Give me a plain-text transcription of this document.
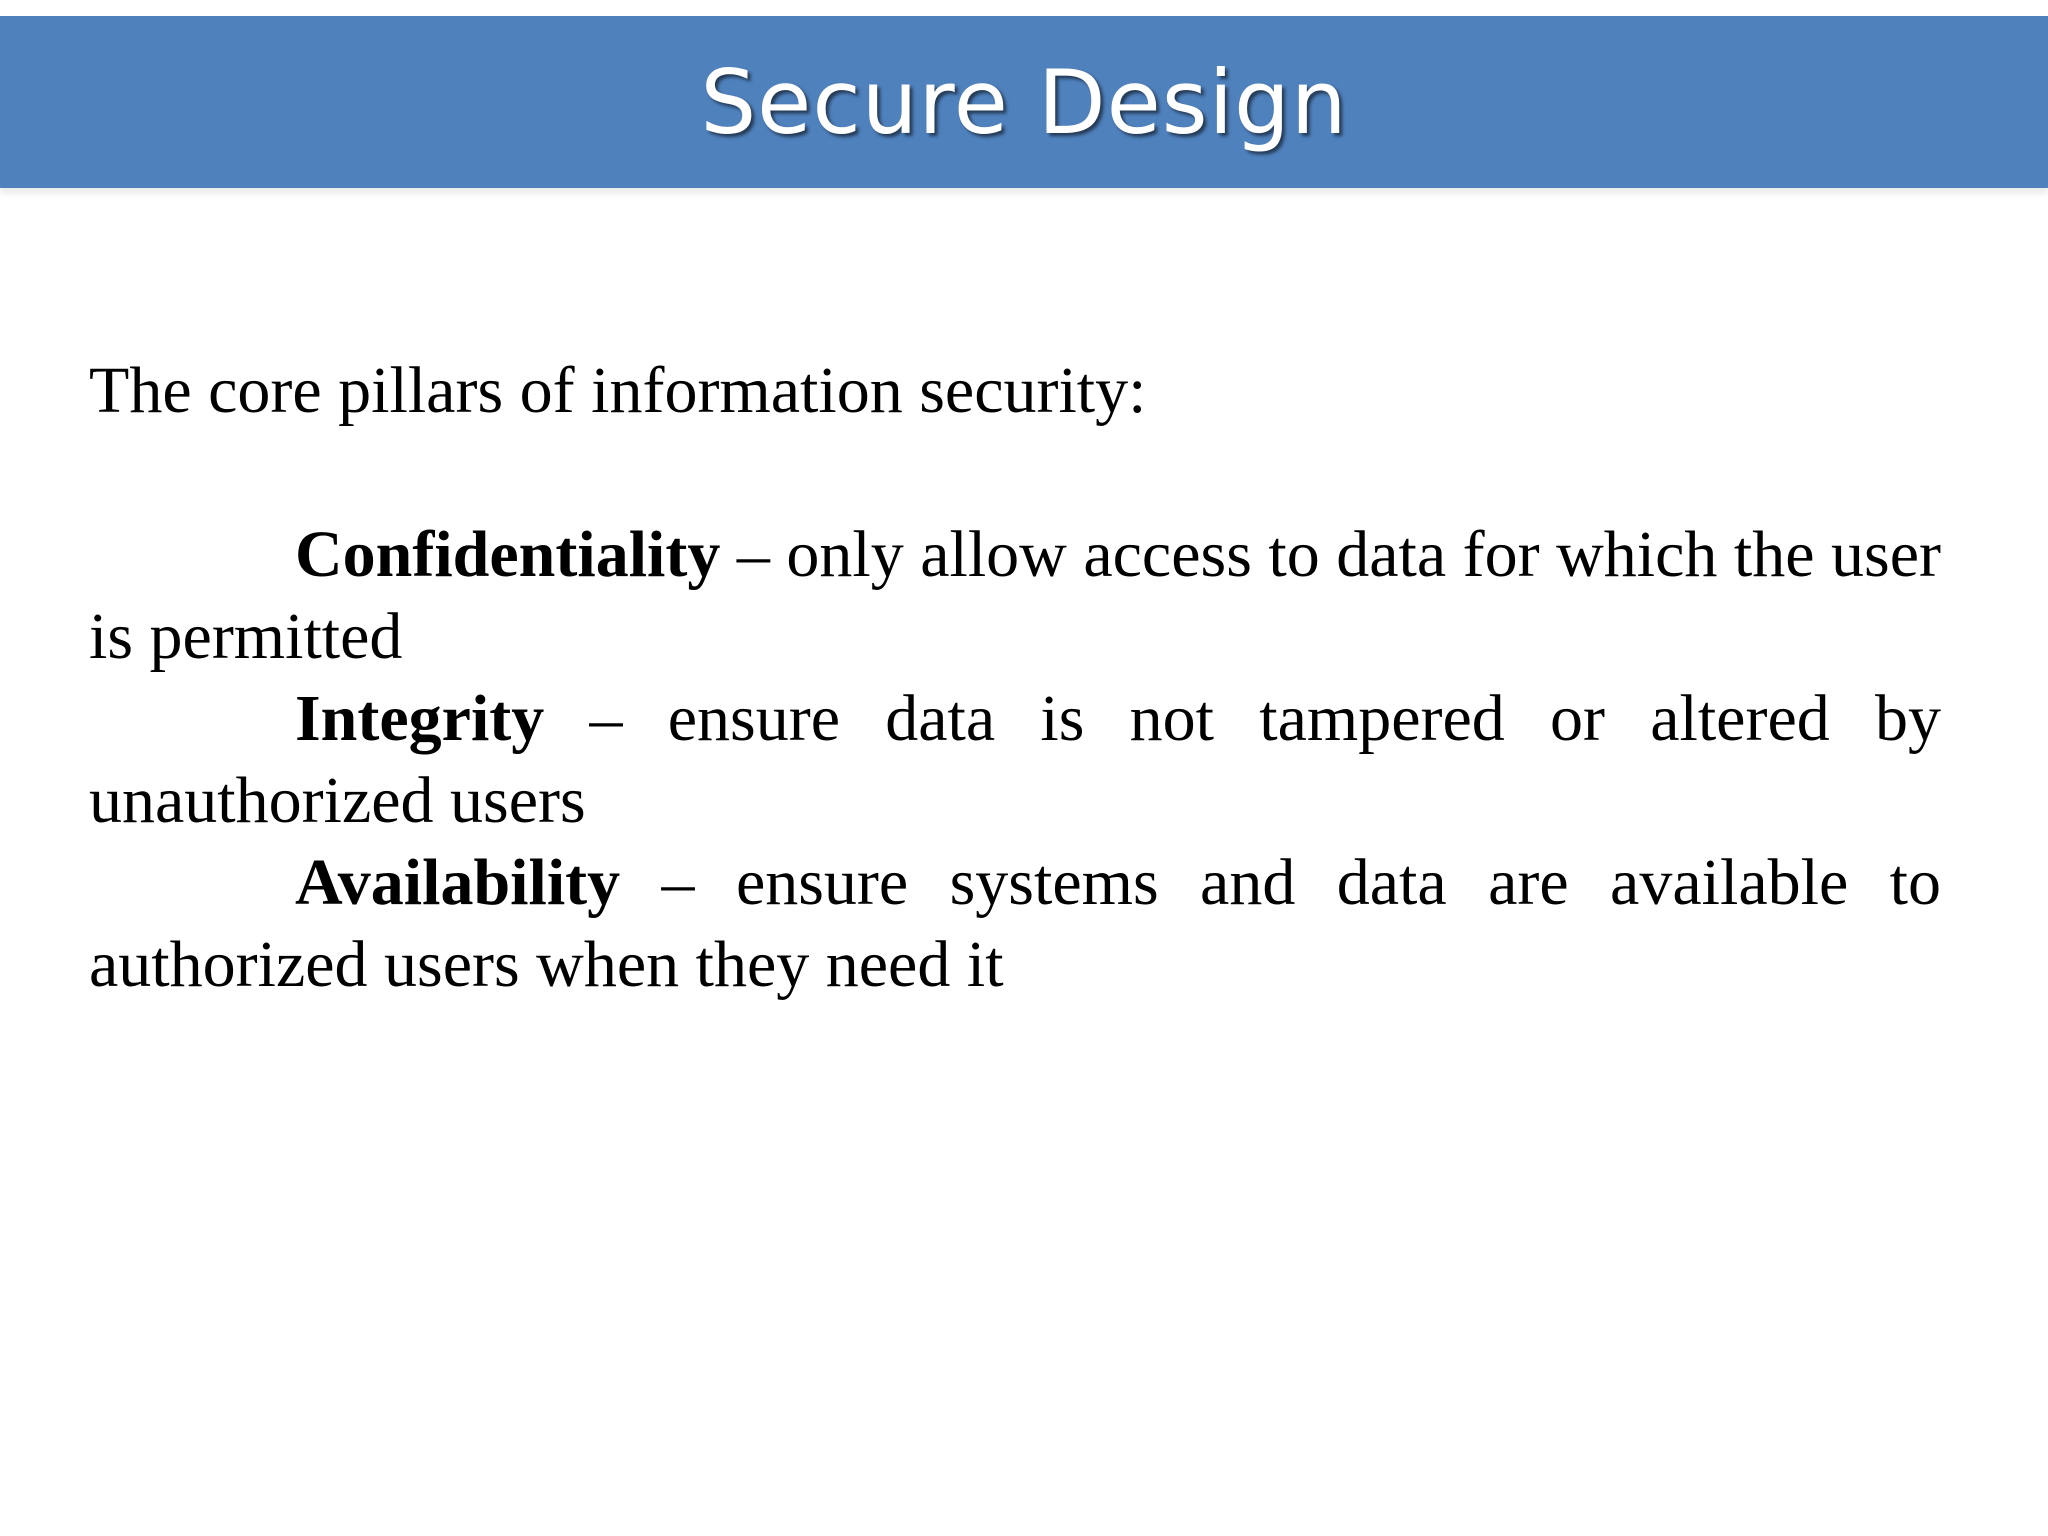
Secure Design

The core pillars of information security:

Confidentiality – only allow access to data for which the user is permitted

Integrity – ensure data is not tampered or altered by unauthorized users

Availability – ensure systems and data are available to authorized users when they need it
